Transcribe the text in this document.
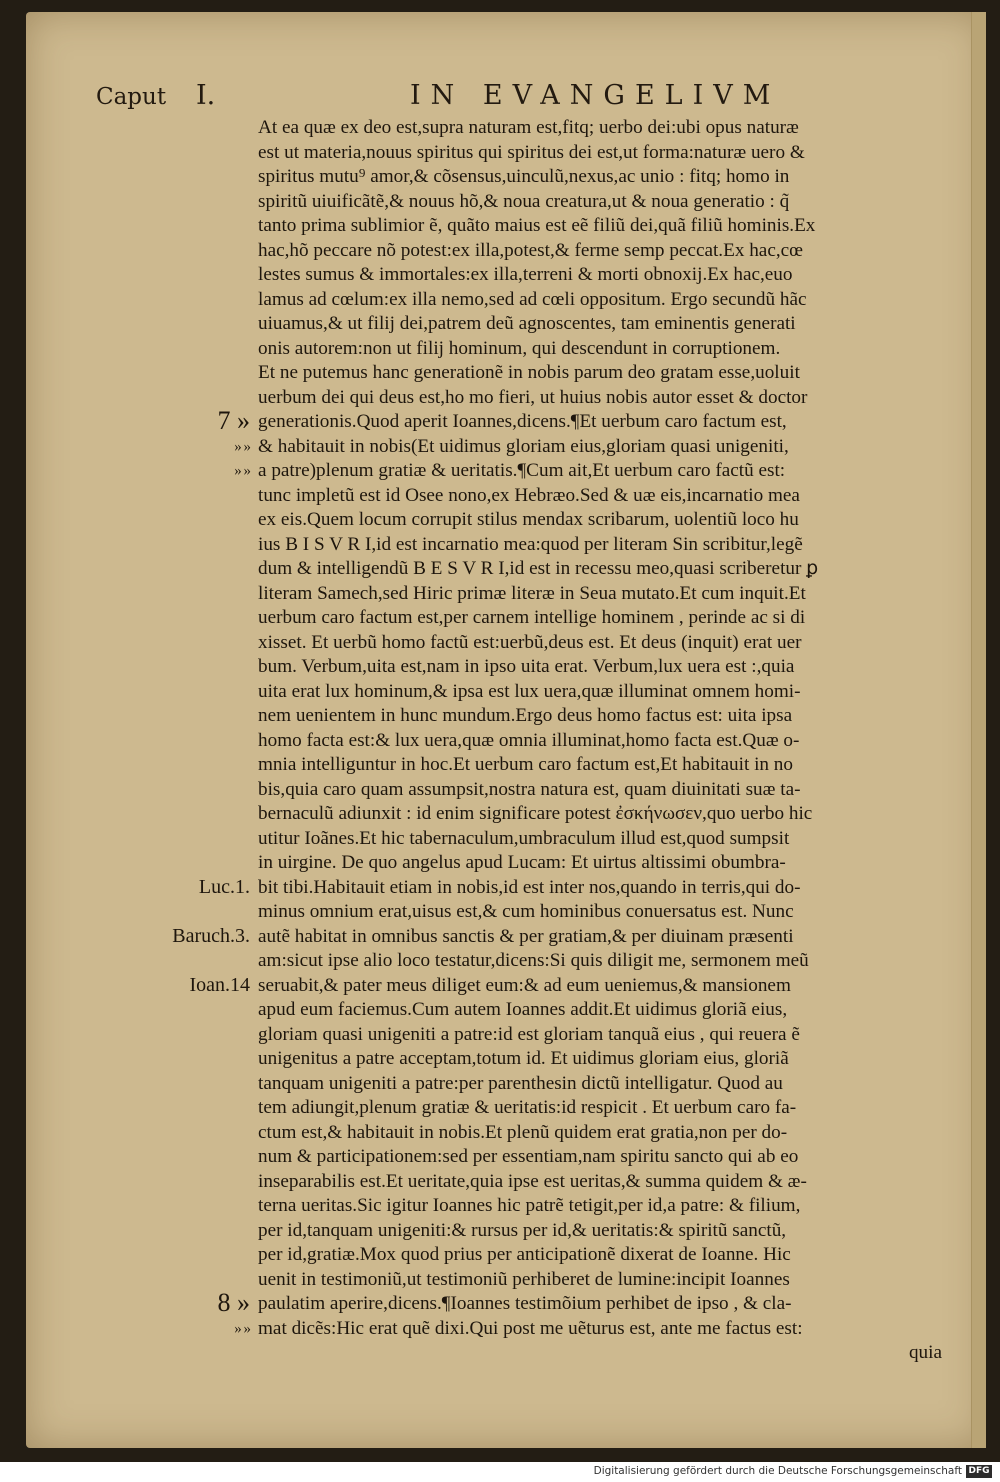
Caput I.	IN EVANGELIVM
At ea quæ ex deo est,supra naturam est,fitq; uerbo dei:ubi opus naturæ
est ut materia,nouus spiritus qui spiritus dei est,ut forma:naturæ uero &
spiritus mutu⁹ amor,& cõsensus,uinculũ,nexus,ac unio : fitq; homo in
spiritũ uiuificãtẽ,& nouus hõ,& noua creatura,ut & noua generatio : q̃
tanto prima sublimior ẽ, quãto maius est eẽ filiũ dei,quã filiũ hominis.Ex
hac,hõ peccare nõ potest:ex illa,potest,& ferme semp peccat.Ex hac,cœ
lestes sumus & immortales:ex illa,terreni & morti obnoxij.Ex hac,euo
lamus ad cœlum:ex illa nemo,sed ad cœli oppositum. Ergo secundũ hãc
uiuamus,& ut filij dei,patrem deũ agnoscentes, tam eminentis generati
onis autorem:non ut filij hominum, qui descendunt in corruptionem.
Et ne putemus hanc generationẽ in nobis parum deo gratam esse,uoluit
uerbum dei qui deus est,ho mo fieri, ut huius nobis autor esset & doctor
generationis.Quod aperit Ioannes,dicens.¶Et uerbum caro factum est,
& habitauit in nobis(Et uidimus gloriam eius,gloriam quasi unigeniti,
a patre)plenum gratiæ & ueritatis.¶Cum ait,Et uerbum caro factũ est:
tunc impletũ est id Osee nono,ex Hebræo.Sed & uæ eis,incarnatio mea
ex eis.Quem locum corrupit stilus mendax scribarum, uolentiũ loco hu
ius B I S V R I,id est incarnatio mea:quod per literam Sin scribitur,legẽ
dum & intelligendũ B E S V R I,id est in recessu meo,quasi scriberetur ꝑ
literam Samech,sed Hiric primæ literæ in Seua mutato.Et cum inquit.Et
uerbum caro factum est,per carnem intellige hominem , perinde ac si di
xisset. Et uerbũ homo factũ est:uerbũ,deus est. Et deus (inquit) erat uer
bum. Verbum,uita est,nam in ipso uita erat. Verbum,lux uera est :,quia
uita erat lux hominum,& ipsa est lux uera,quæ illuminat omnem homi-
nem uenientem in hunc mundum.Ergo deus homo factus est: uita ipsa
homo facta est:& lux uera,quæ omnia illuminat,homo facta est.Quæ o-
mnia intelliguntur in hoc.Et uerbum caro factum est,Et habitauit in no
bis,quia caro quam assumpsit,nostra natura est, quam diuinitati suæ ta-
bernaculũ adiunxit : id enim significare potest ἐσκήνωσεν,quo uerbo hic
utitur Ioãnes.Et hic tabernaculum,umbraculum illud est,quod sumpsit
in uirgine. De quo angelus apud Lucam: Et uirtus altissimi obumbra-
bit tibi.Habitauit etiam in nobis,id est inter nos,quando in terris,qui do-
minus omnium erat,uisus est,& cum hominibus conuersatus est. Nunc
autẽ habitat in omnibus sanctis & per gratiam,& per diuinam præsenti
am:sicut ipse alio loco testatur,dicens:Si quis diligit me, sermonem meũ
seruabit,& pater meus diliget eum:& ad eum ueniemus,& mansionem
apud eum faciemus.Cum autem Ioannes addit.Et uidimus gloriã eius,
gloriam quasi unigeniti a patre:id est gloriam tanquã eius , qui reuera ẽ
unigenitus a patre acceptam,totum id. Et uidimus gloriam eius, gloriã
tanquam unigeniti a patre:per parenthesin dictũ intelligatur. Quod au
tem adiungit,plenum gratiæ & ueritatis:id respicit . Et uerbum caro fa-
ctum est,& habitauit in nobis.Et plenũ quidem erat gratia,non per do-
num & participationem:sed per essentiam,nam spiritu sancto qui ab eo
inseparabilis est.Et ueritate,quia ipse est ueritas,& summa quidem & æ-
terna ueritas.Sic igitur Ioannes hic patrẽ tetigit,per id,a patre: & filium,
per id,tanquam unigeniti:& rursus per id,& ueritatis:& spiritũ sanctũ,
per id,gratiæ.Mox quod prius per anticipationẽ dixerat de Ioanne. Hic
uenit in testimoniũ,ut testimoniũ perhiberet de lumine:incipit Ioannes
paulatim aperire,dicens.¶Ioannes testimõium perhibet de ipso , & cla-
mat dicẽs:Hic erat quẽ dixi.Qui post me uẽturus est, ante me factus est:
quia
7 »
» »
» »
Luc.1.
Baruch.3.
Ioan.14
8 »
» »
Digitalisierung gefördert durch die Deutsche Forschungsgemeinschaft DFG
